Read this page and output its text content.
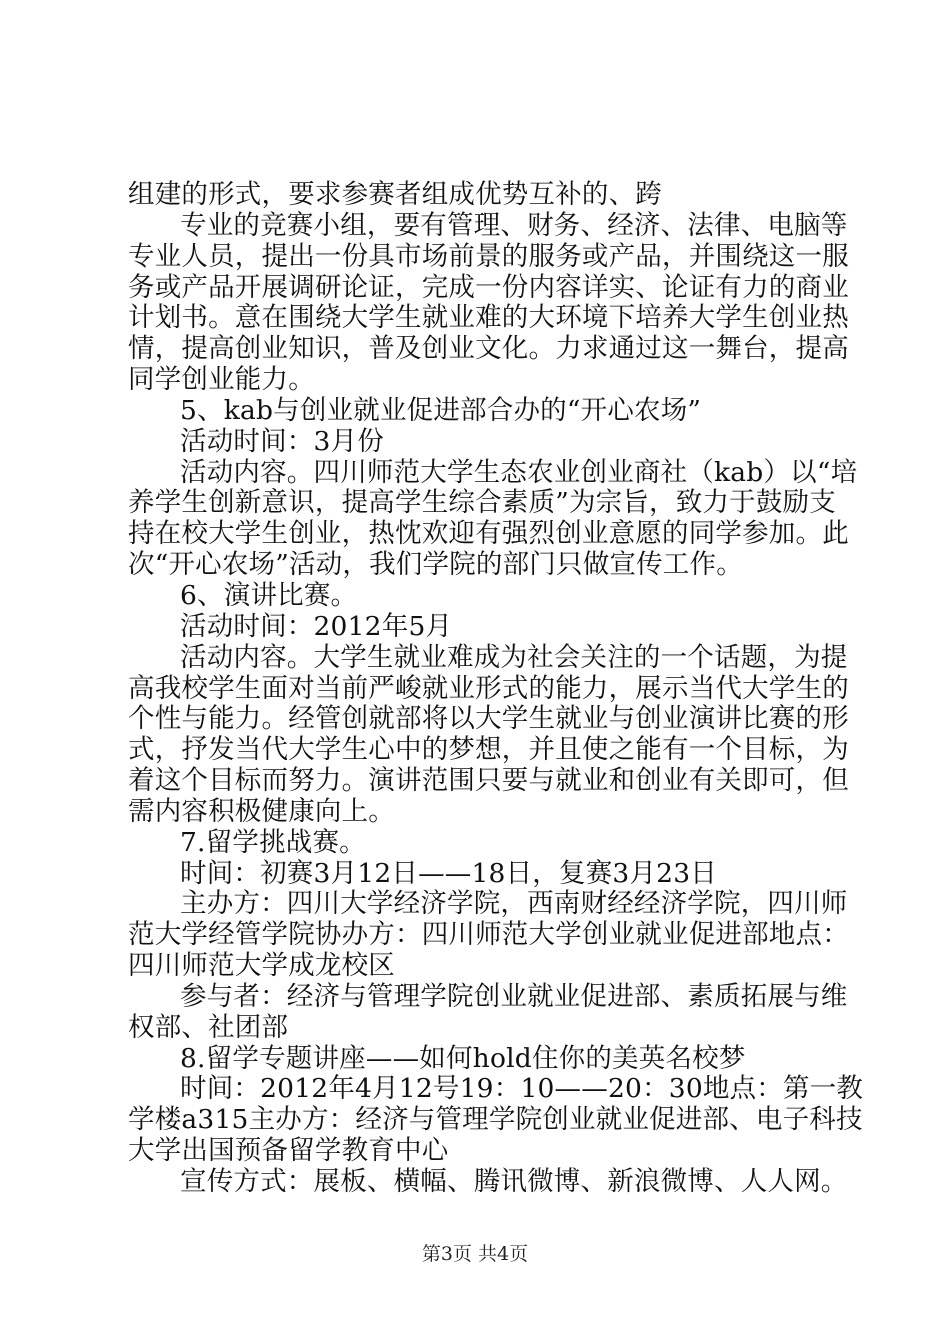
组建的形式，要求参赛者组成优势互补的、跨
专业的竞赛小组，要有管理、财务、经济、法律、电脑等
专业人员，提出一份具市场前景的服务或产品，并围绕这一服
务或产品开展调研论证，完成一份内容详实、论证有力的商业
计划书。意在围绕大学生就业难的大环境下培养大学生创业热
情，提高创业知识，普及创业文化。力求通过这一舞台，提高
同学创业能力。
5、kab与创业就业促进部合办的“开心农场”
活动时间：3月份
活动内容。四川师范大学生态农业创业商社（kab）以“培
养学生创新意识，提高学生综合素质”为宗旨，致力于鼓励支
持在校大学生创业，热忱欢迎有强烈创业意愿的同学参加。此
次“开心农场”活动，我们学院的部门只做宣传工作。
6、演讲比赛。
活动时间：2012年5月
活动内容。大学生就业难成为社会关注的一个话题，为提
高我校学生面对当前严峻就业形式的能力，展示当代大学生的
个性与能力。经管创就部将以大学生就业与创业演讲比赛的形
式，抒发当代大学生心中的梦想，并且使之能有一个目标，为
着这个目标而努力。演讲范围只要与就业和创业有关即可，但
需内容积极健康向上。
7.留学挑战赛。
时间：初赛3月12日——18日，复赛3月23日
主办方：四川大学经济学院，西南财经经济学院，四川师
范大学经管学院协办方：四川师范大学创业就业促进部地点：
四川师范大学成龙校区
参与者：经济与管理学院创业就业促进部、素质拓展与维
权部、社团部
8.留学专题讲座——如何hold住你的美英名校梦
时间：2012年4月12号19：10——20：30地点：第一教
学楼a315主办方：经济与管理学院创业就业促进部、电子科技
大学出国预备留学教育中心
宣传方式：展板、横幅、腾讯微博、新浪微博、人人网。
第3页 共4页
